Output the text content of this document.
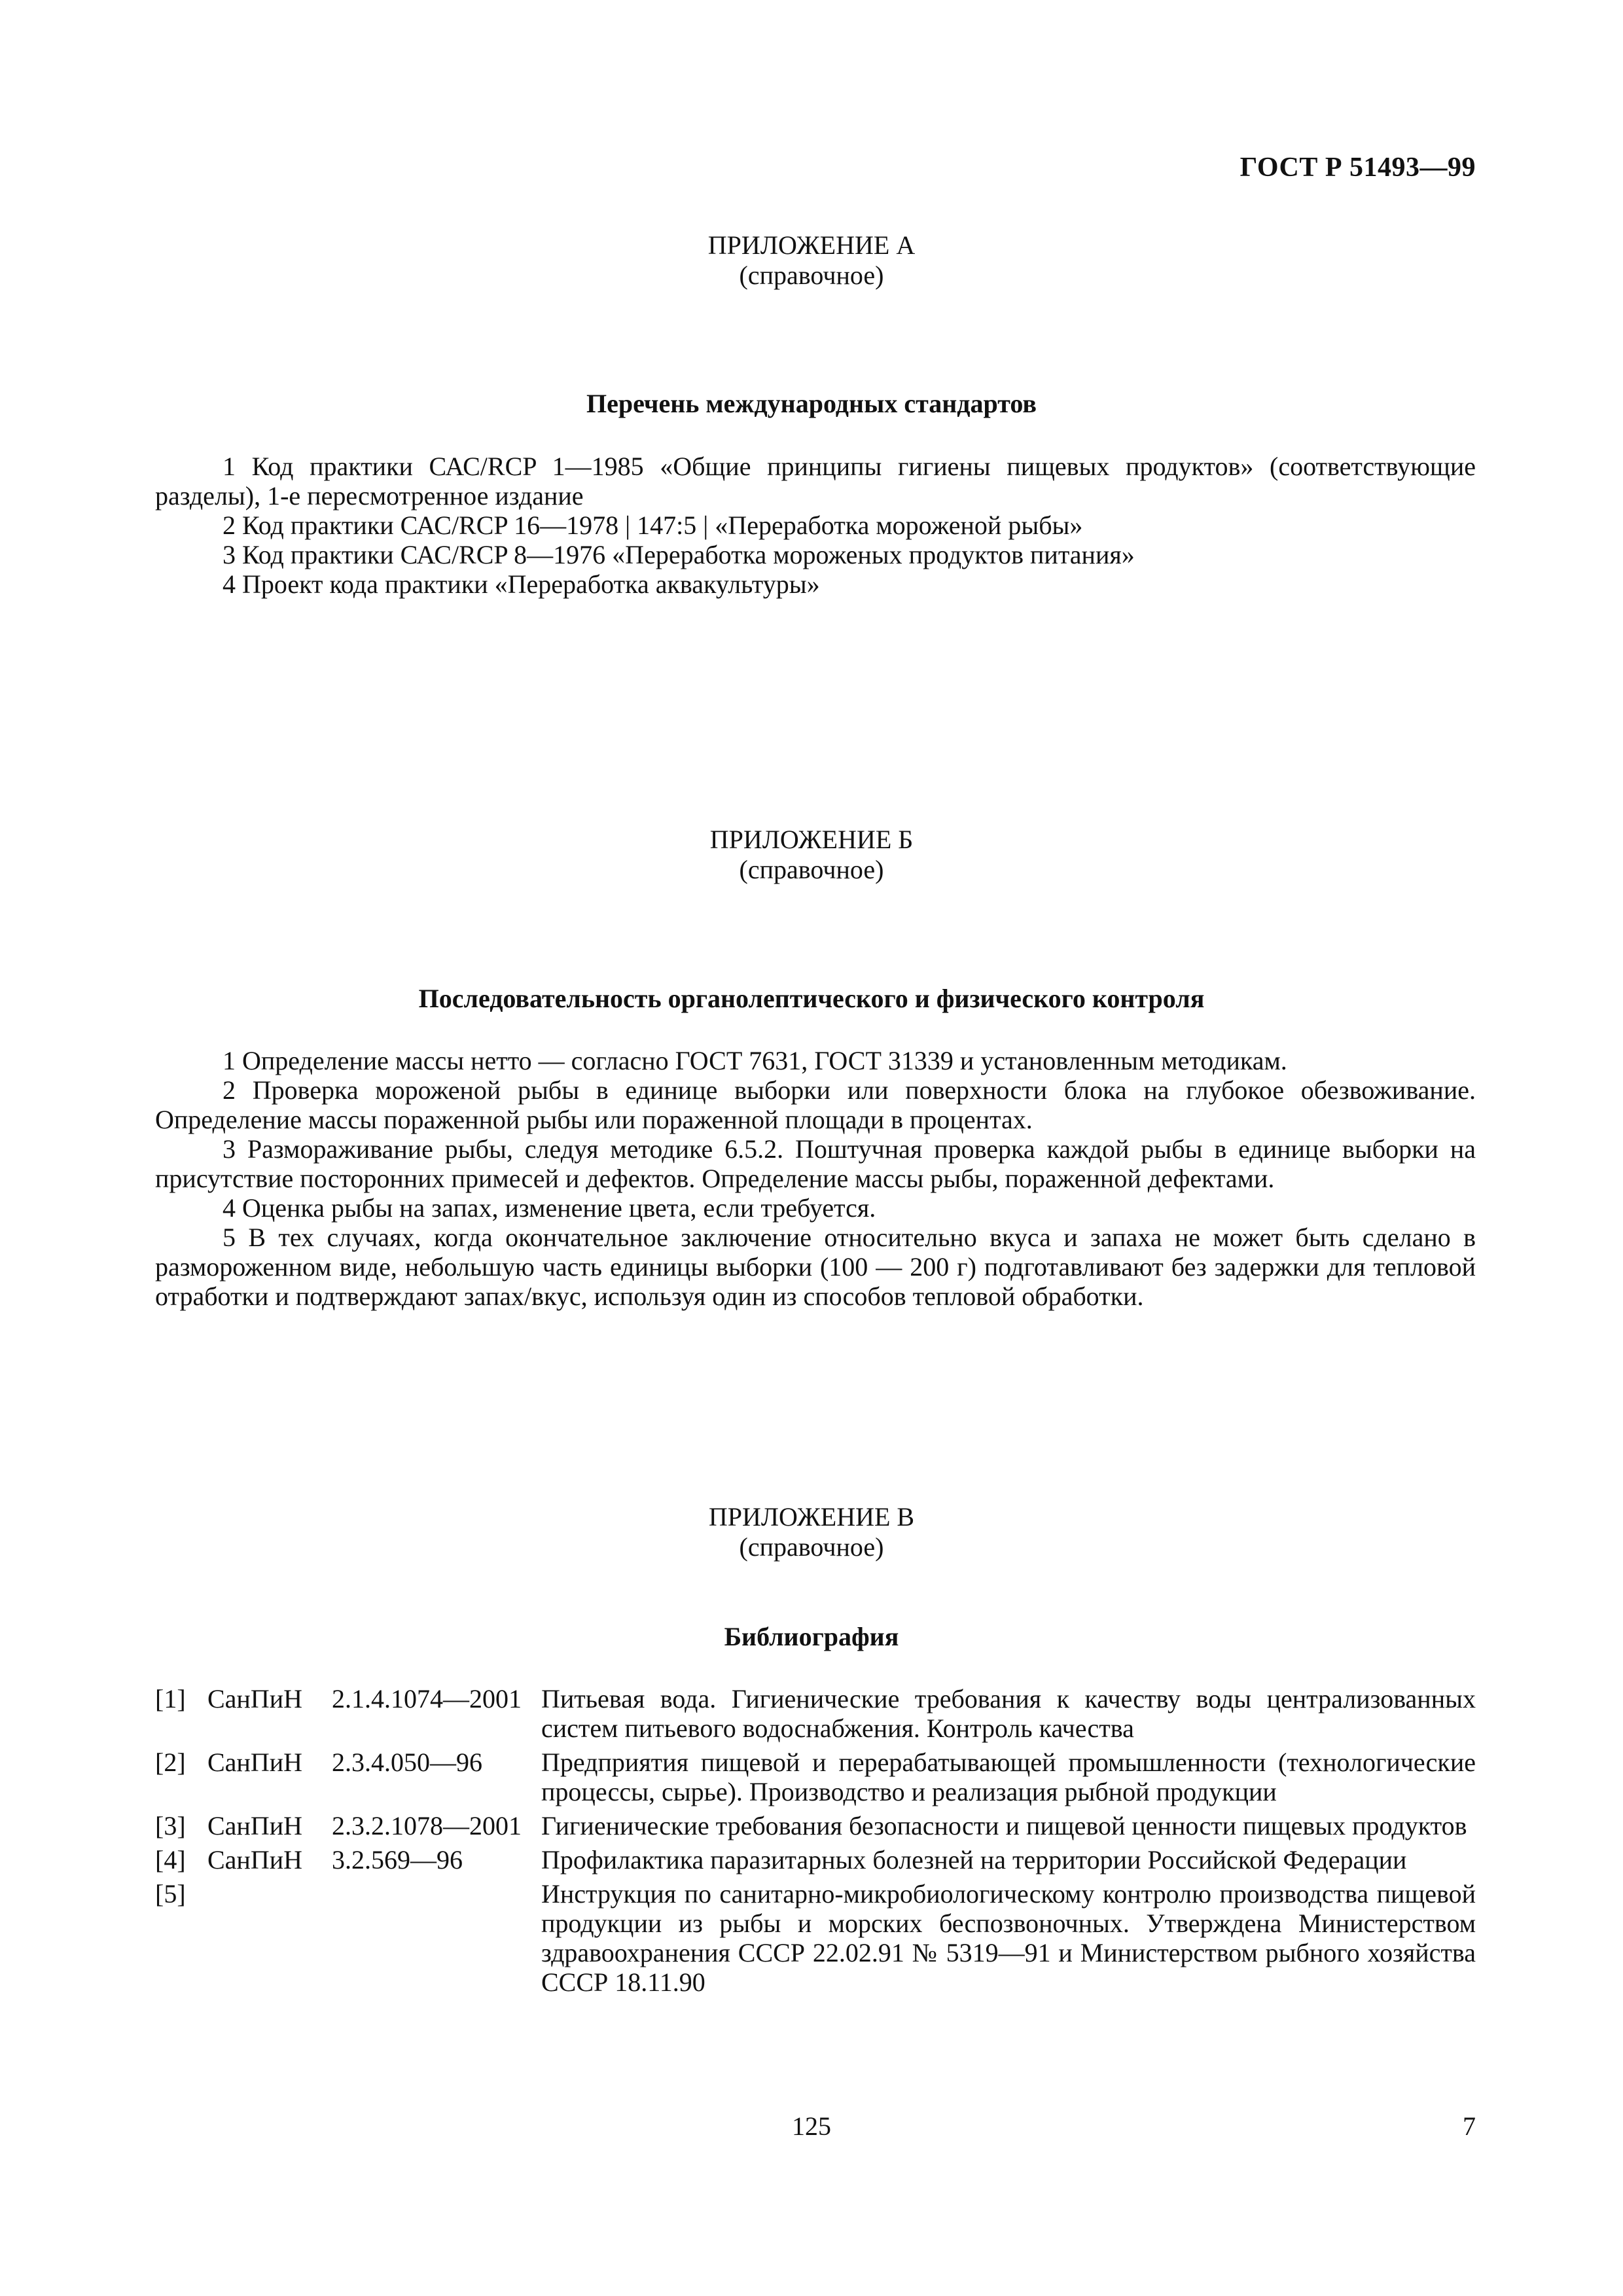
ГОСТ Р 51493—99
ПРИЛОЖЕНИЕ А
(справочное)
Перечень международных стандартов

1 Код практики САС/RCP 1—1985 «Общие принципы гигиены пищевых продуктов» (соответствующие разделы), 1-е пересмотренное издание

2 Код практики САС/RCP 16—1978 | 147:5 | «Переработка мороженой рыбы»

3 Код практики САС/RCP 8—1976 «Переработка мороженых продуктов питания»

4 Проект кода практики «Переработка аквакультуры»

ПРИЛОЖЕНИЕ Б
(справочное)
Последовательность органолептического и физического контроля

1 Определение массы нетто — согласно ГОСТ 7631, ГОСТ 31339 и установленным методикам.

2 Проверка мороженой рыбы в единице выборки или поверхности блока на глубокое обезвоживание. Определение массы пораженной рыбы или пораженной площади в процентах.

3 Размораживание рыбы, следуя методике 6.5.2. Поштучная проверка каждой рыбы в единице выборки на присутствие посторонних примесей и дефектов. Определение массы рыбы, пораженной дефектами.

4 Оценка рыбы на запах, изменение цвета, если требуется.

5 В тех случаях, когда окончательное заключение относительно вкуса и запаха не может быть сделано в размороженном виде, небольшую часть единицы выборки (100 — 200 г) подготавливают без задержки для тепловой отработки и подтверждают запах/вкус, используя один из способов тепловой обработки.

ПРИЛОЖЕНИЕ В
(справочное)
Библиография
[1] СанПиН 2.1.4.1074—2001 Питьевая вода. Гигиенические требования к качеству воды централизованных систем питьевого водоснабжения. Контроль качества
[2] СанПиН 2.3.4.050—96	Предприятия пищевой и перерабатывающей промышленности (технологические процессы, сырье). Производство и реализация рыбной продукции
[3] СанПиН 2.3.2.1078—2001 Гигиенические требования безопасности и пищевой ценности пищевых продуктов
[4] СанПиН 3.2.569—96	Профилактика паразитарных болезней на территории Российской Федерации
[5]	Инструкция по санитарно-микробиологическому контролю производства пищевой продукции из рыбы и морских беспозвоночных. Утверждена Министерством здравоохранения СССР 22.02.91 № 5319—91 и Министерством рыбного хозяйства СССР 18.11.90
125	7
